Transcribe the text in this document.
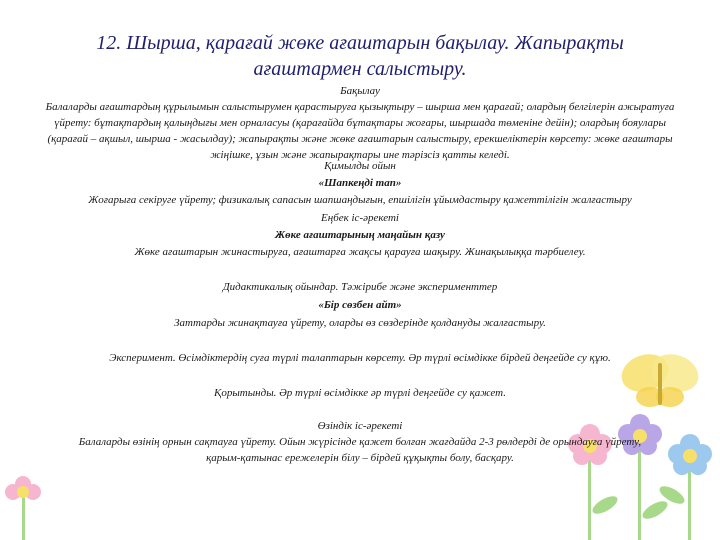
12. Шырша, қарағай жөке ағаштарын бақылау. Жапырақты ағаштармен салыстыру.

Бақылау

Балаларды ағаштардың құрылымын салыстырумен қарастыруға қызықтыру – шырша мен қарағай; олардың белгілерін ажыратуға үйрету: бұтақтардың қалыңдығы мен орналасуы (қарағайда бұтақтары жоғары, шыршада төменіне дейін); олардың бояулары (қарағай – ақшыл, шырша - жасылдау); жапырақты және жөке ағаштарын салыстыру, ерекшеліктерін көрсету: жөке ағаштары жіңішке, ұзын және жапырақтары ине тәрізсіз қатты келеді.

Қимылды ойын

«Шапкеңді тап»

Жоғарыға секіруге үйрету; физикалық сапасын шапшаңдығын, епшілігін ұйымдастыру қажеттілігін жалғастыру

Еңбек іс-әрекеті

Жөке ағаштарының маңайын қазу

Жөке ағаштарын жинастыруға, ағаштарға жақсы қарауға шақыру. Жинақылыққа тәрбиелеу.

Дидактикалық ойындар. Тәжірибе және эксперименттер

«Бір сөзбен айт»

Заттарды жинақтауға үйрету, оларды өз сөздерінде қолдануды жалғастыру.

Эксперимент. Өсімдіктердің суға түрлі талаптарын көрсету. Әр түрлі өсімдікке бірдей деңгейде су құю.

Қорытынды. Әр түрлі өсімдікке әр түрлі деңгейде су қажет.

Өзіндік іс-әрекеті

Балаларды өзінің орнын сақтауға үйрету. Ойын жүрісінде қажет болған жағдайда 2-3 рөлдерді де орындауға үйрету, қарым-қатынас ережелерін білу – бірдей құқықты болу, басқару.
